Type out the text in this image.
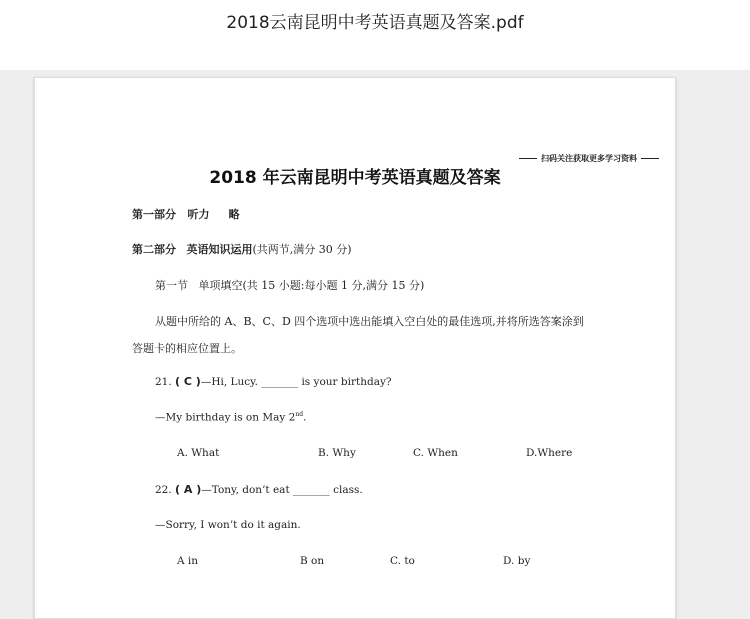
2018云南昆明中考英语真题及答案.pdf
扫码关注获取更多学习资料
2018 年云南昆明中考英语真题及答案
第一部分 听力 略
第二部分 英语知识运用(共两节,满分 30 分)
第一节 单项填空(共 15 小题:每小题 1 分,满分 15 分)
从题中所给的 A、B、C、D 四个选项中选出能填入空白处的最佳选项,并将所选答案涂到
答题卡的相应位置上。
21. ( C )—Hi, Lucy. _______ is your birthday?
—My birthday is on May 2nd.
A. What	B. Why	C. When	D.Where
22. ( A )—Tony, don’t eat _______ class.
—Sorry, I won’t do it again.
A in	B on	C. to	D. by
